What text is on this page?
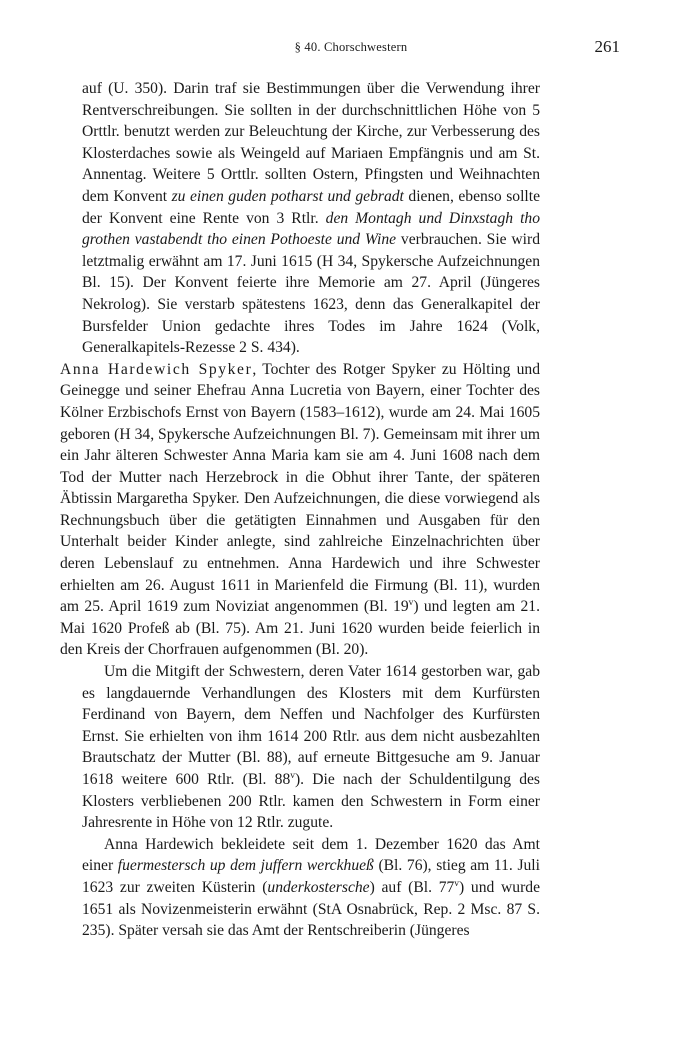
§ 40. Chorschwestern	261

auf (U. 350). Darin traf sie Bestimmungen über die Verwendung ihrer Rentverschreibungen. Sie sollten in der durchschnittlichen Höhe von 5 Orttlr. benutzt werden zur Beleuchtung der Kirche, zur Verbesserung des Klosterdaches sowie als Weingeld auf Mariaen Empfängnis und am St. Annentag. Weitere 5 Orttlr. sollten Ostern, Pfingsten und Weihnachten dem Konvent zu einen guden potharst und gebradt dienen, ebenso sollte der Konvent eine Rente von 3 Rtlr. den Montagh und Dinxstagh tho grothen vastabendt tho einen Pothoeste und Wine verbrauchen. Sie wird letztmalig erwähnt am 17. Juni 1615 (H 34, Spykersche Aufzeichnungen Bl. 15). Der Konvent feierte ihre Memorie am 27. April (Jüngeres Nekrolog). Sie verstarb spätestens 1623, denn das Generalkapitel der Bursfelder Union gedachte ihres Todes im Jahre 1624 (Volk, Generalkapitels-Rezesse 2 S. 434).

Anna Hardewich Spyker, Tochter des Rotger Spyker zu Hölting und Geinegge und seiner Ehefrau Anna Lucretia von Bayern, einer Tochter des Kölner Erzbischofs Ernst von Bayern (1583–1612), wurde am 24. Mai 1605 geboren (H 34, Spykersche Aufzeichnungen Bl. 7). Gemeinsam mit ihrer um ein Jahr älteren Schwester Anna Maria kam sie am 4. Juni 1608 nach dem Tod der Mutter nach Herzebrock in die Obhut ihrer Tante, der späteren Äbtissin Margaretha Spyker. Den Aufzeichnungen, die diese vorwiegend als Rechnungsbuch über die getätigten Einnahmen und Ausgaben für den Unterhalt beider Kinder anlegte, sind zahlreiche Einzelnachrichten über deren Lebenslauf zu entnehmen. Anna Hardewich und ihre Schwester erhielten am 26. August 1611 in Marienfeld die Firmung (Bl. 11), wurden am 25. April 1619 zum Noviziat angenommen (Bl. 19$^v$) und legten am 21. Mai 1620 Profeß ab (Bl. 75). Am 21. Juni 1620 wurden beide feierlich in den Kreis der Chorfrauen aufgenommen (Bl. 20).

Um die Mitgift der Schwestern, deren Vater 1614 gestorben war, gab es langdauernde Verhandlungen des Klosters mit dem Kurfürsten Ferdinand von Bayern, dem Neffen und Nachfolger des Kurfürsten Ernst. Sie erhielten von ihm 1614 200 Rtlr. aus dem nicht ausbezahlten Brautschatz der Mutter (Bl. 88), auf erneute Bittgesuche am 9. Januar 1618 weitere 600 Rtlr. (Bl. 88$^v$). Die nach der Schuldentilgung des Klosters verbliebenen 200 Rtlr. kamen den Schwestern in Form einer Jahresrente in Höhe von 12 Rtlr. zugute.

Anna Hardewich bekleidete seit dem 1. Dezember 1620 das Amt einer fuermestersch up dem juffern werckhueß (Bl. 76), stieg am 11. Juli 1623 zur zweiten Küsterin (underkostersche) auf (Bl. 77$^v$) und wurde 1651 als Novizenmeisterin erwähnt (StA Osnabrück, Rep. 2 Msc. 87 S. 235). Später versah sie das Amt der Rentschreiberin (Jüngeres
